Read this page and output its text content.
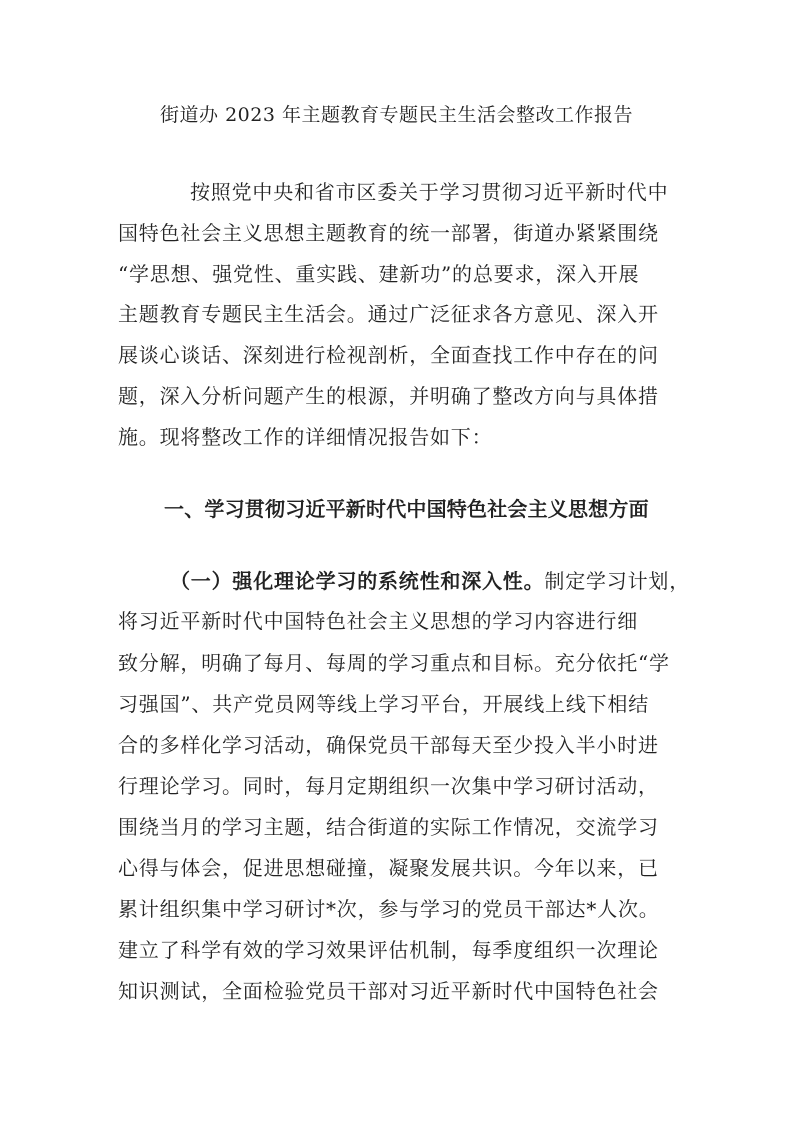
街道办 2023 年主题教育专题民主生活会整改工作报告
按照党中央和省市区委关于学习贯彻习近平新时代中
国特色社会主义思想主题教育的统一部署，街道办紧紧围绕
“学思想、强党性、重实践、建新功”的总要求，深入开展
主题教育专题民主生活会。通过广泛征求各方意见、深入开
展谈心谈话、深刻进行检视剖析，全面查找工作中存在的问
题，深入分析问题产生的根源，并明确了整改方向与具体措
施。现将整改工作的详细情况报告如下：
一、学习贯彻习近平新时代中国特色社会主义思想方面
（一）强化理论学习的系统性和深入性。制定学习计划，
将习近平新时代中国特色社会主义思想的学习内容进行细
致分解，明确了每月、每周的学习重点和目标。充分依托“学
习强国”、共产党员网等线上学习平台，开展线上线下相结
合的多样化学习活动，确保党员干部每天至少投入半小时进
行理论学习。同时，每月定期组织一次集中学习研讨活动，
围绕当月的学习主题，结合街道的实际工作情况，交流学习
心得与体会，促进思想碰撞，凝聚发展共识。今年以来，已
累计组织集中学习研讨*次，参与学习的党员干部达*人次。
建立了科学有效的学习效果评估机制，每季度组织一次理论
知识测试，全面检验党员干部对习近平新时代中国特色社会
